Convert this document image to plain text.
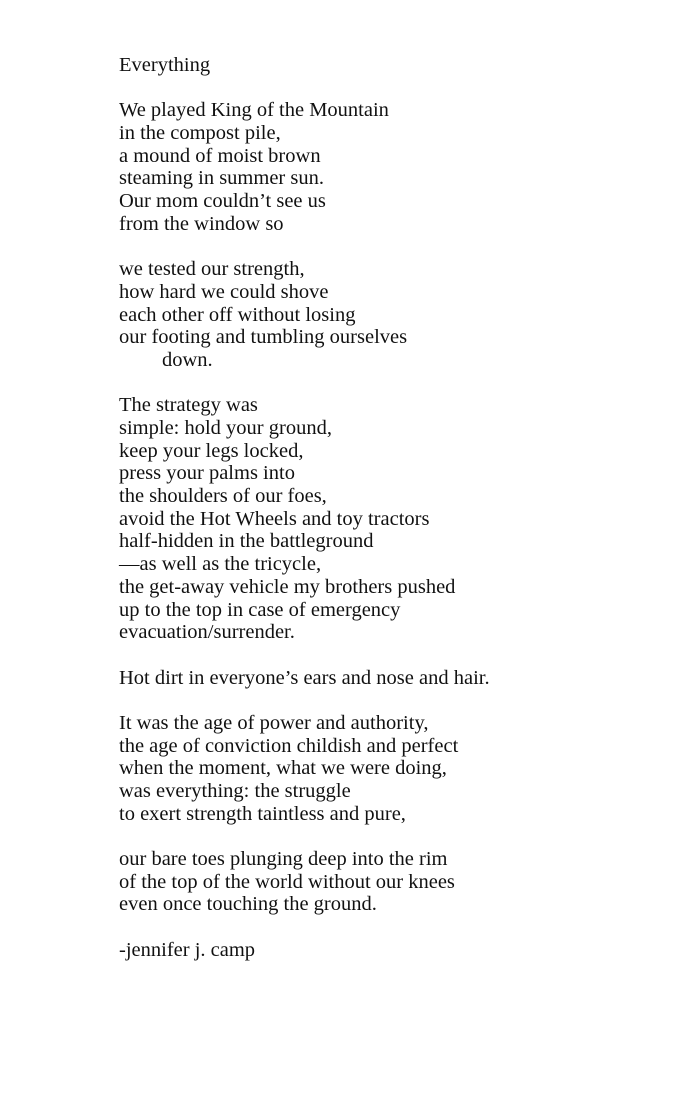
Everything
We played King of the Mountain
in the compost pile,
a mound of moist brown
steaming in summer sun.
Our mom couldn’t see us
from the window so
we tested our strength,
how hard we could shove
each other off without losing
our footing and tumbling ourselves
down.
The strategy was
simple: hold your ground,
keep your legs locked,
press your palms into
the shoulders of our foes,
avoid the Hot Wheels and toy tractors
half-hidden in the battleground
—as well as the tricycle,
the get-away vehicle my brothers pushed
up to the top in case of emergency
evacuation/surrender.
Hot dirt in everyone’s ears and nose and hair.
It was the age of power and authority,
the age of conviction childish and perfect
when the moment, what we were doing,
was everything: the struggle
to exert strength taintless and pure,
our bare toes plunging deep into the rim
of the top of the world without our knees
even once touching the ground.
-jennifer j. camp
